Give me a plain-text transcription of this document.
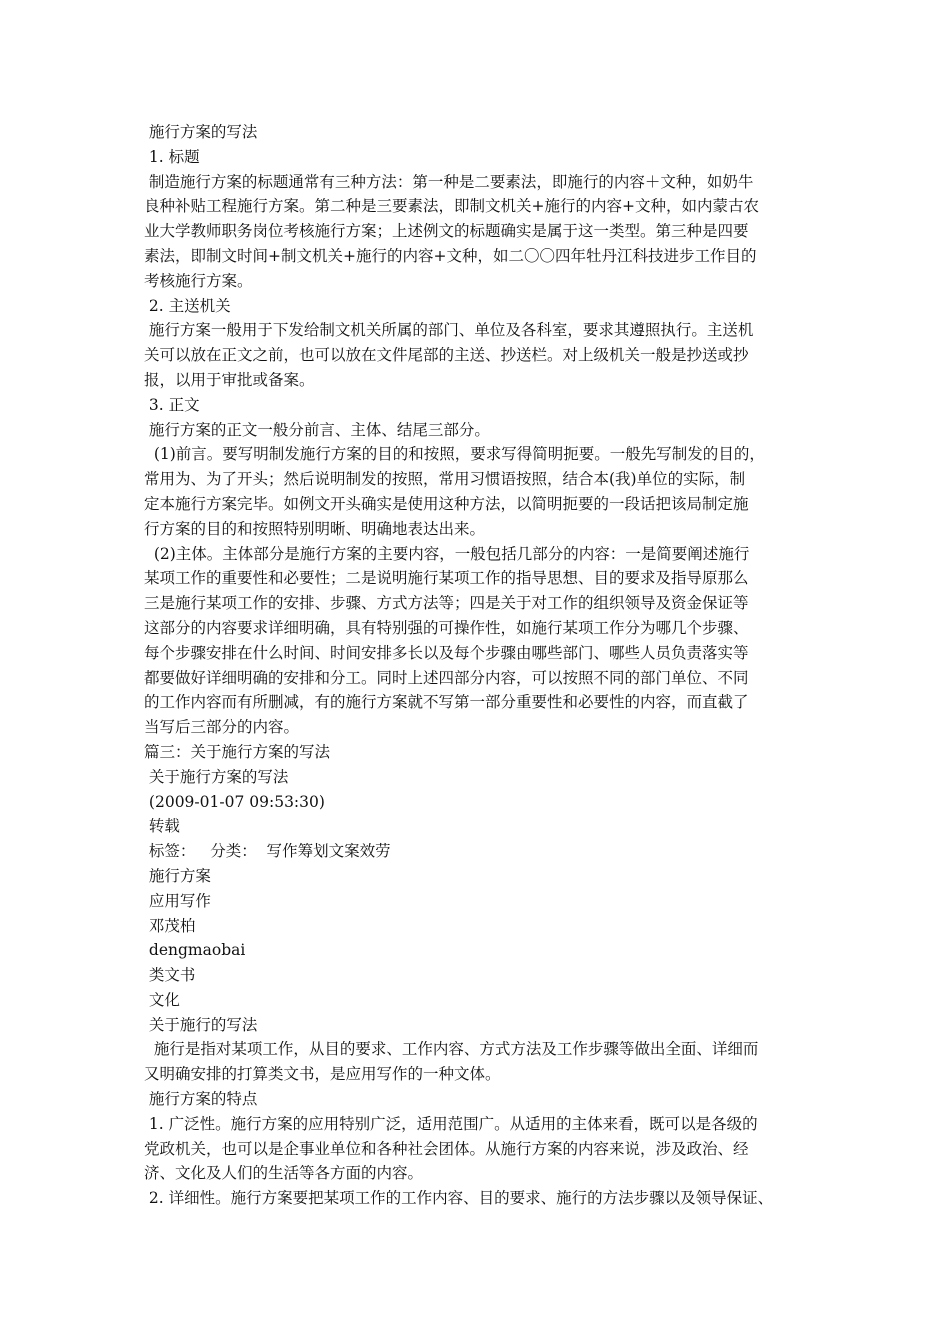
施行方案的写法
1. 标题
制造施行方案的标题通常有三种方法：第一种是二要素法，即施行的内容＋文种，如奶牛
良种补贴工程施行方案。第二种是三要素法，即制文机关+施行的内容+文种，如内蒙古农
业大学教师职务岗位考核施行方案；上述例文的标题确实是属于这一类型。第三种是四要
素法，即制文时间+制文机关+施行的内容+文种，如二〇〇四年牡丹江科技进步工作目的
考核施行方案。
2. 主送机关
施行方案一般用于下发给制文机关所属的部门、单位及各科室，要求其遵照执行。主送机
关可以放在正文之前，也可以放在文件尾部的主送、抄送栏。对上级机关一般是抄送或抄
报，以用于审批或备案。
3. 正文
施行方案的正文一般分前言、主体、结尾三部分。
(1)前言。要写明制发施行方案的目的和按照，要求写得简明扼要。一般先写制发的目的，
常用为、为了开头；然后说明制发的按照，常用习惯语按照，结合本(我)单位的实际，制
定本施行方案完毕。如例文开头确实是使用这种方法，以简明扼要的一段话把该局制定施
行方案的目的和按照特别明晰、明确地表达出来。
(2)主体。主体部分是施行方案的主要内容，一般包括几部分的内容：一是简要阐述施行
某项工作的重要性和必要性；二是说明施行某项工作的指导思想、目的要求及指导原那么
三是施行某项工作的安排、步骤、方式方法等；四是关于对工作的组织领导及资金保证等
这部分的内容要求详细明确，具有特别强的可操作性，如施行某项工作分为哪几个步骤、
每个步骤安排在什么时间、时间安排多长以及每个步骤由哪些部门、哪些人员负责落实等
都要做好详细明确的安排和分工。同时上述四部分内容，可以按照不同的部门单位、不同
的工作内容而有所删减，有的施行方案就不写第一部分重要性和必要性的内容，而直截了
当写后三部分的内容。
篇三：关于施行方案的写法
关于施行方案的写法
(2009-01-07 09:53:30)
转载
标签：   分类：  写作筹划文案效劳
施行方案
应用写作
邓茂柏
dengmaobai
类文书
文化
关于施行的写法
施行是指对某项工作，从目的要求、工作内容、方式方法及工作步骤等做出全面、详细而
又明确安排的打算类文书，是应用写作的一种文体。
施行方案的特点
1. 广泛性。施行方案的应用特别广泛，适用范围广。从适用的主体来看，既可以是各级的
党政机关，也可以是企事业单位和各种社会团体。从施行方案的内容来说，涉及政治、经
济、文化及人们的生活等各方面的内容。
2. 详细性。施行方案要把某项工作的工作内容、目的要求、施行的方法步骤以及领导保证、
